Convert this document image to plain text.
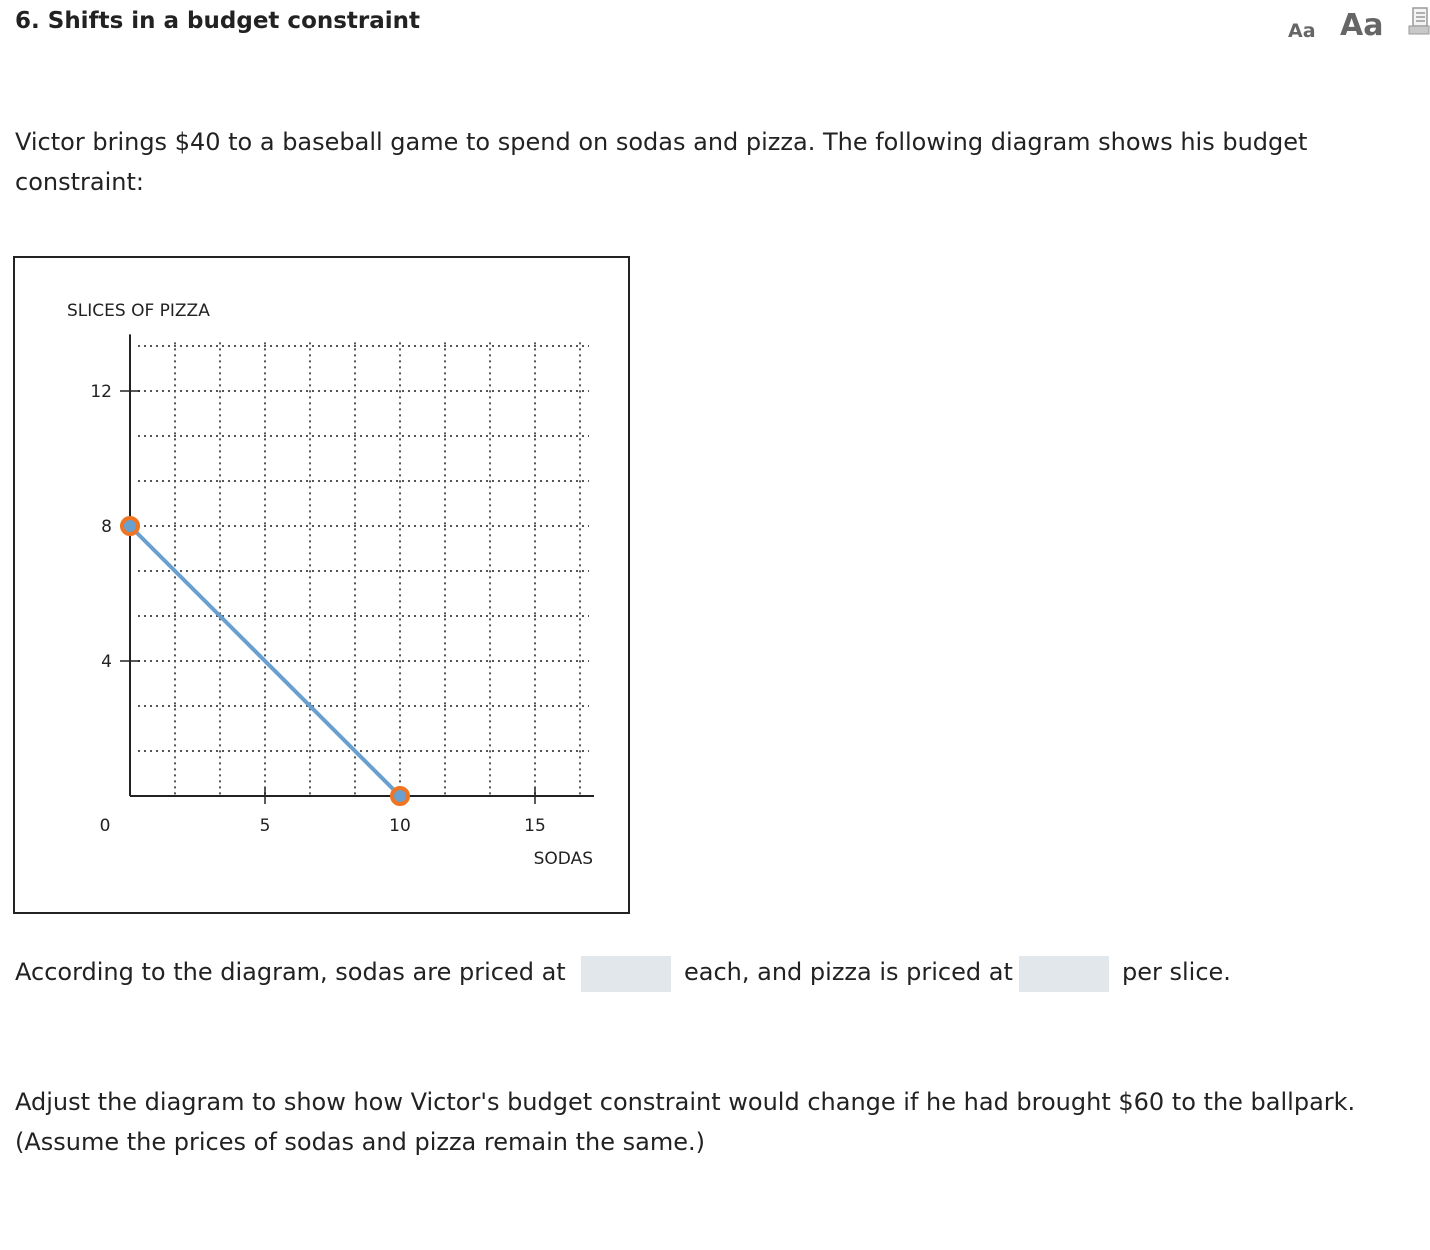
6. Shifts in a budget constraint	Aa Aa
Victor brings $40 to a baseball game to spend on sodas and pizza. The following diagram shows his budget constraint:
4
8
12
0	5	10	15
SLICES OF PIZZA
SODAS
According to the diagram, sodas are priced at	each, and pizza is priced at	per slice.
Adjust the diagram to show how Victor's budget constraint would change if he had brought $60 to the ballpark. (Assume the prices of sodas and pizza remain the same.)
